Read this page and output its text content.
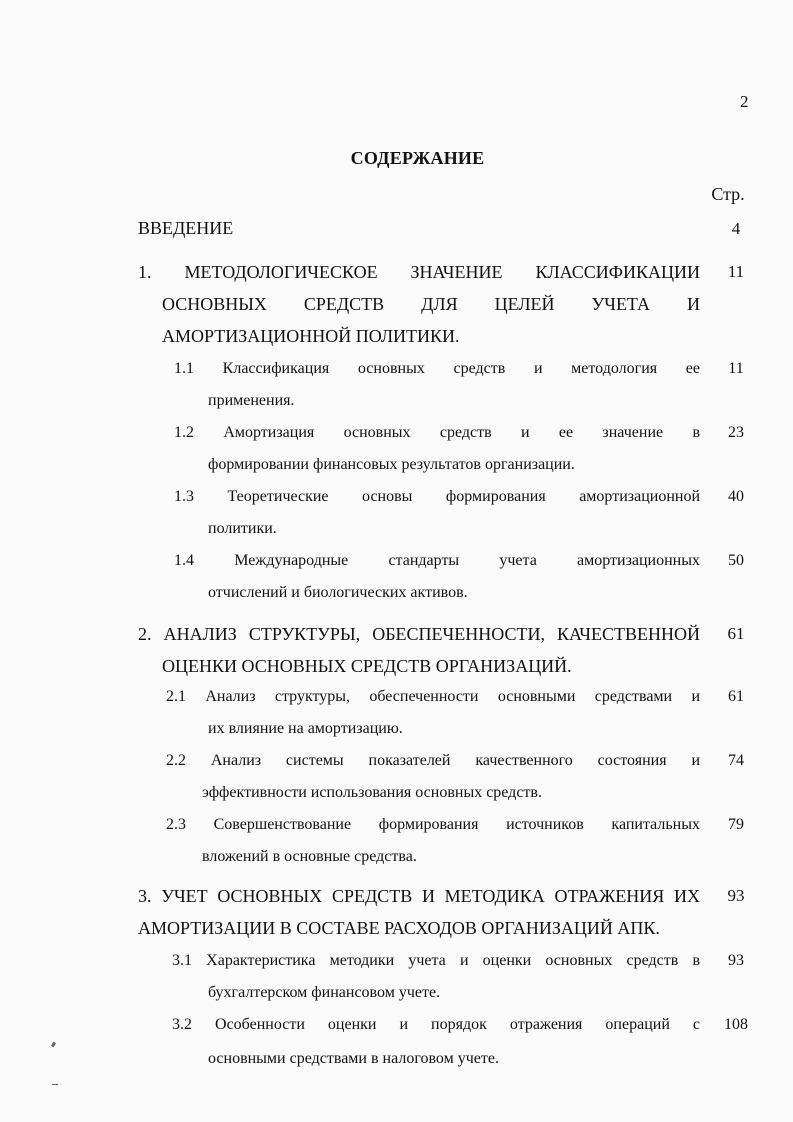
2
СОДЕРЖАНИЕ
Стр.
ВВЕДЕНИЕ	4
1. МЕТОДОЛОГИЧЕСКОЕ ЗНАЧЕНИЕ КЛАССИФИКАЦИИ
ОСНОВНЫХ СРЕДСТВ ДЛЯ ЦЕЛЕЙ УЧЕТА И
АМОРТИЗАЦИОННОЙ ПОЛИТИКИ.
11
1.1 Классификация основных средств и методология ее
применения.
11
1.2 Амортизация основных средств и ее значение в
формировании финансовых результатов организации.
23
1.3 Теоретические основы формирования амортизационной
политики.
40
1.4 Международные стандарты учета амортизационных
отчислений и биологических активов.
50
2. АНАЛИЗ СТРУКТУРЫ, ОБЕСПЕЧЕННОСТИ, КАЧЕСТВЕННОЙ
ОЦЕНКИ ОСНОВНЫХ СРЕДСТВ ОРГАНИЗАЦИЙ.
61
2.1 Анализ структуры, обеспеченности основными средствами и
их влияние на амортизацию.
61
2.2 Анализ системы показателей качественного состояния и
эффективности использования основных средств.
74
2.3 Совершенствование формирования источников капитальных
вложений в основные средства.
79
3. УЧЕТ ОСНОВНЫХ СРЕДСТВ И МЕТОДИКА ОТРАЖЕНИЯ ИХ
АМОРТИЗАЦИИ В СОСТАВЕ РАСХОДОВ ОРГАНИЗАЦИЙ АПК.
93
3.1 Характеристика методики учета и оценки основных средств в
бухгалтерском финансовом учете.
93
3.2 Особенности оценки и порядок отражения операций с
основными средствами в налоговом учете.
108
